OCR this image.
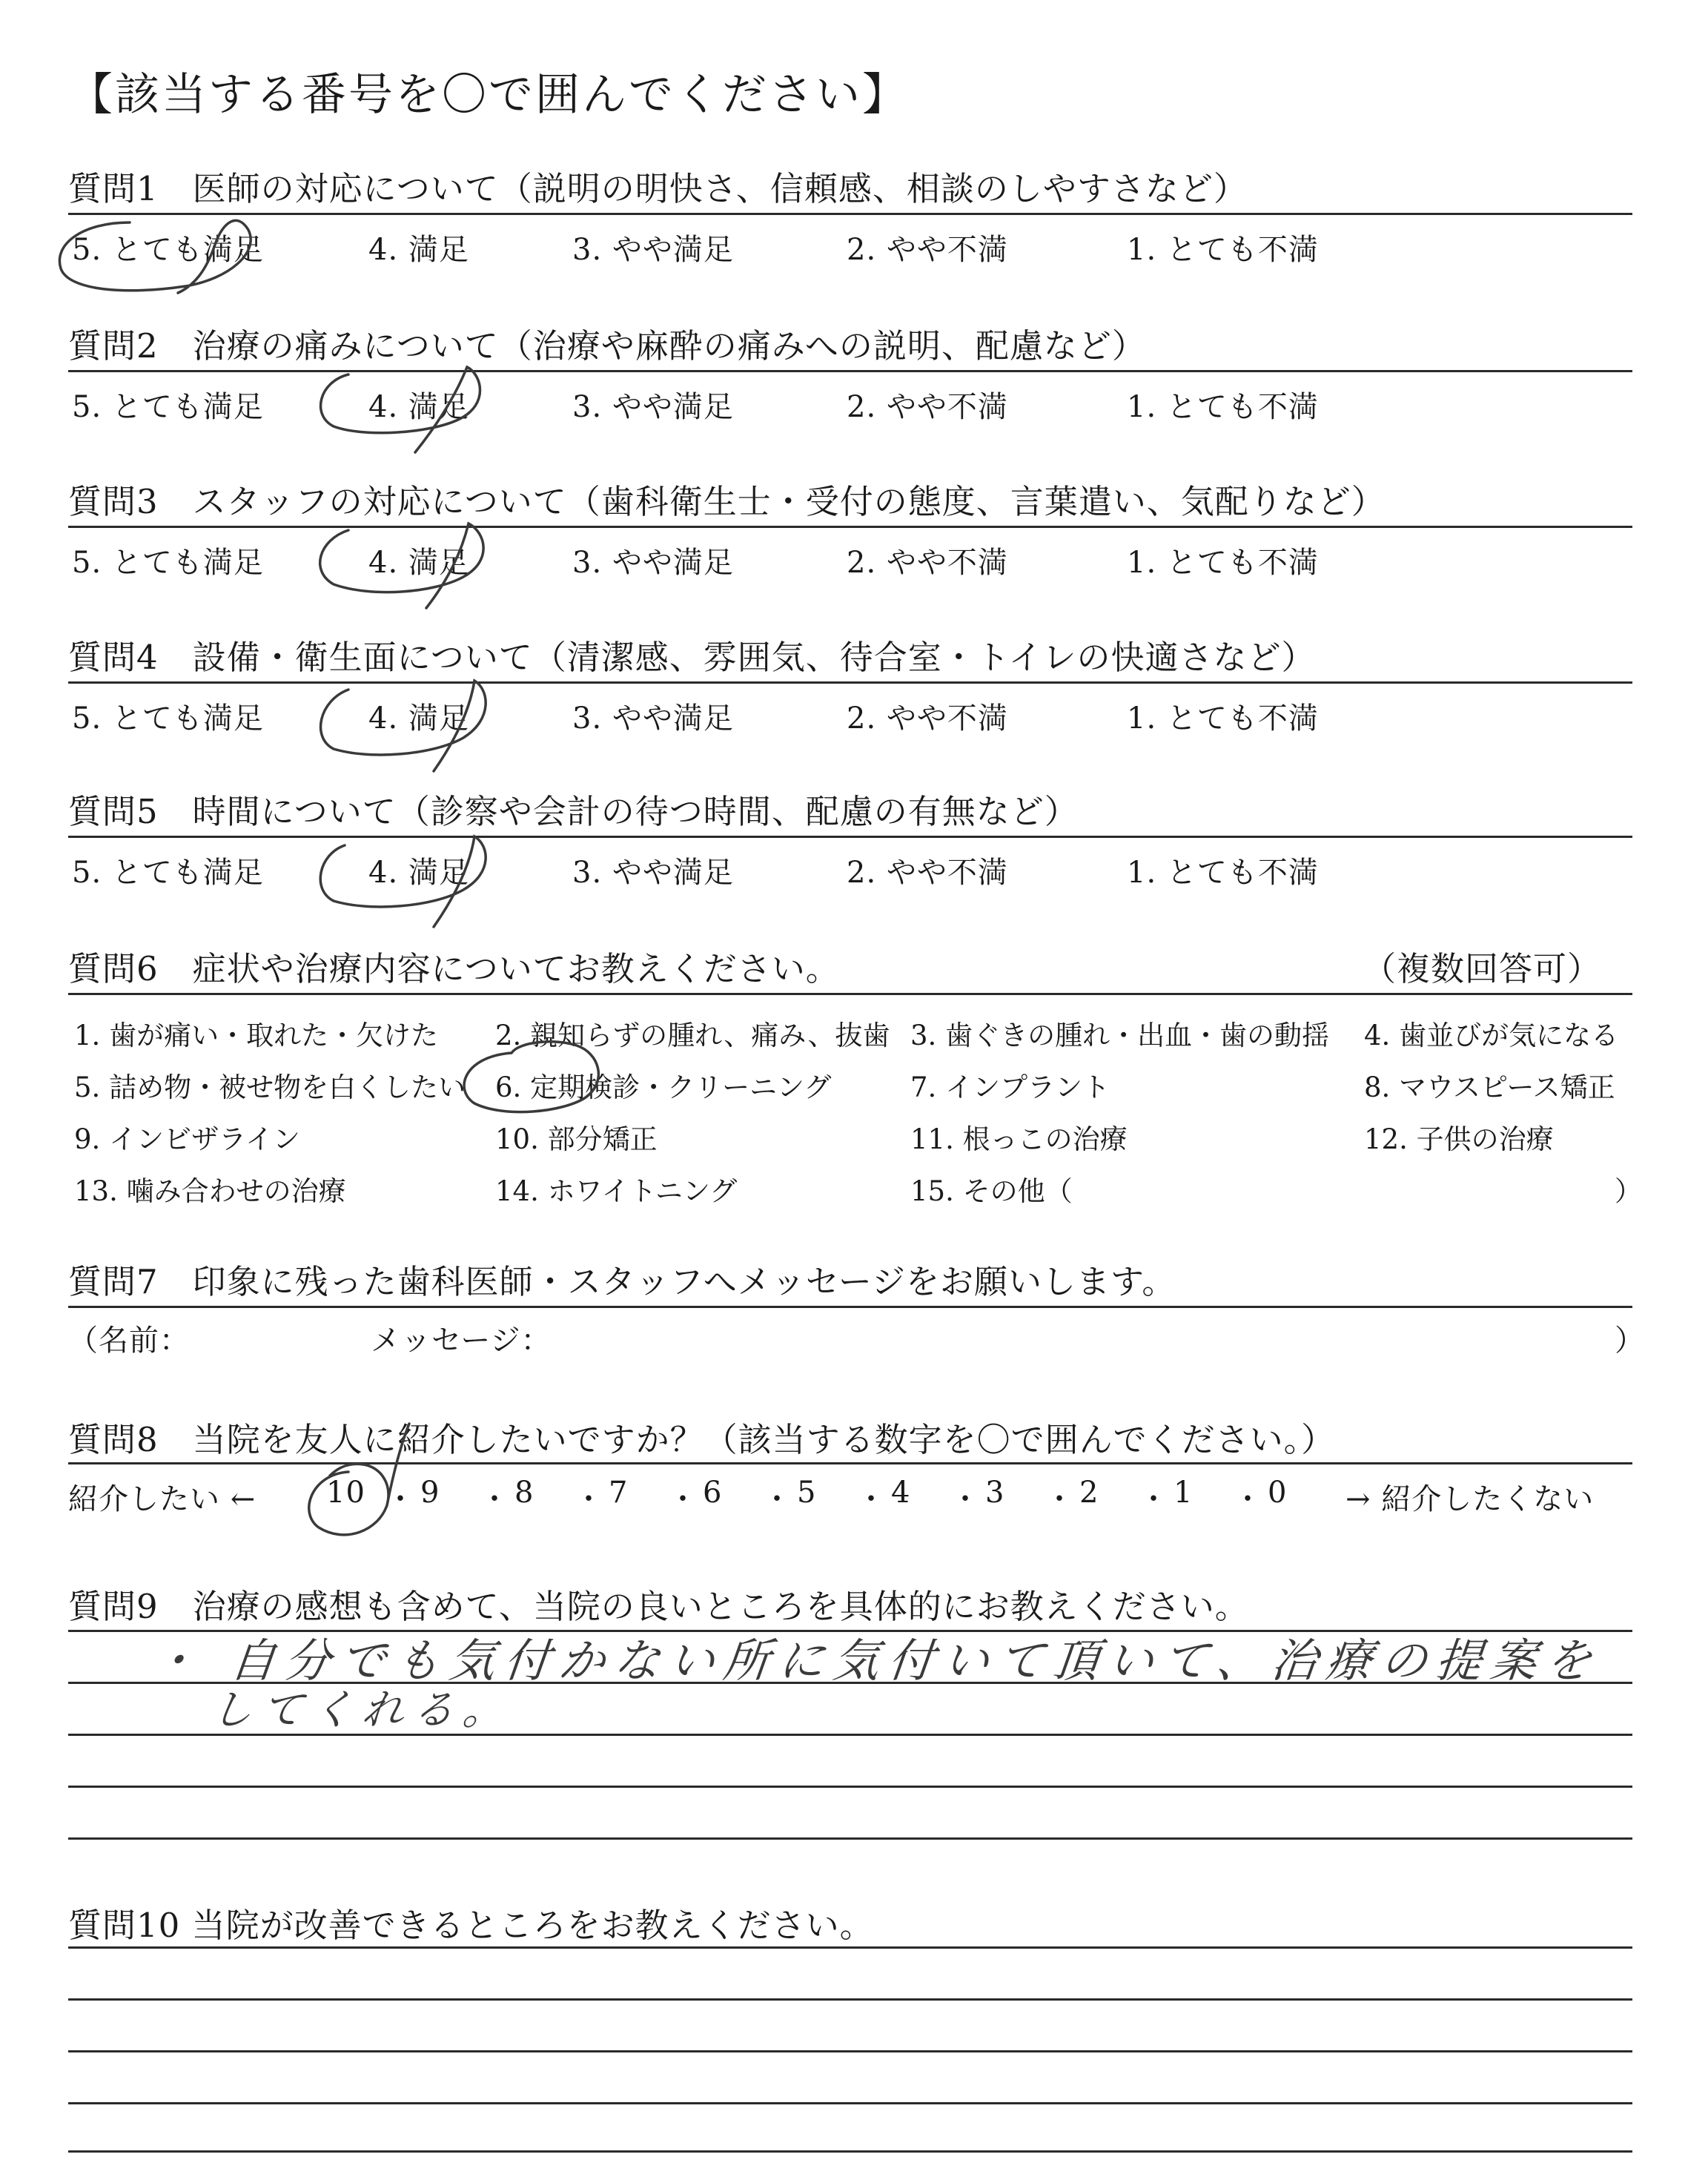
【該当する番号を〇で囲んでください】
質問1　医師の対応について（説明の明快さ、信頼感、相談のしやすさなど）
5. とても満足	4. 満足	3. やや満足	2. やや不満	1. とても不満
質問2　治療の痛みについて（治療や麻酔の痛みへの説明、配慮など）
5. とても満足	4. 満足	3. やや満足	2. やや不満	1. とても不満
質問3　スタッフの対応について（歯科衛生士・受付の態度、言葉遣い、気配りなど）
5. とても満足	4. 満足	3. やや満足	2. やや不満	1. とても不満
質問4　設備・衛生面について（清潔感、雰囲気、待合室・トイレの快適さなど）
5. とても満足	4. 満足	3. やや満足	2. やや不満	1. とても不満
質問5　時間について（診察や会計の待つ時間、配慮の有無など）
5. とても満足	4. 満足	3. やや満足	2. やや不満	1. とても不満
質問6　症状や治療内容についてお教えください。	（複数回答可）
1. 歯が痛い・取れた・欠けた 2. 親知らずの腫れ、痛み、抜歯 3. 歯ぐきの腫れ・出血・歯の動揺 4. 歯並びが気になる
5. 詰め物・被せ物を白くしたい 6. 定期検診・クリーニング	7. インプラント	8. マウスピース矯正
9. インビザライン	10. 部分矯正	11. 根っこの治療	12. 子供の治療
13. 噛み合わせの治療	14. ホワイトニング	15. その他（	）
質問7　印象に残った歯科医師・スタッフへメッセージをお願いします。
（名前：	メッセージ：	）
質問8　当院を友人に紹介したいですか？（該当する数字を〇で囲んでください。）
紹介したい ← 10 ・ 9 ・ 8 ・ 7 ・ 6 ・ 5 ・ 4 ・ 3 ・ 2 ・ 1 ・ 0 → 紹介したくない
質問9　治療の感想も含めて、当院の良いところを具体的にお教えください。
・ 自分でも気付かない所に気付いて頂いて、治療の提案を
してくれる。
質問10 当院が改善できるところをお教えください。
